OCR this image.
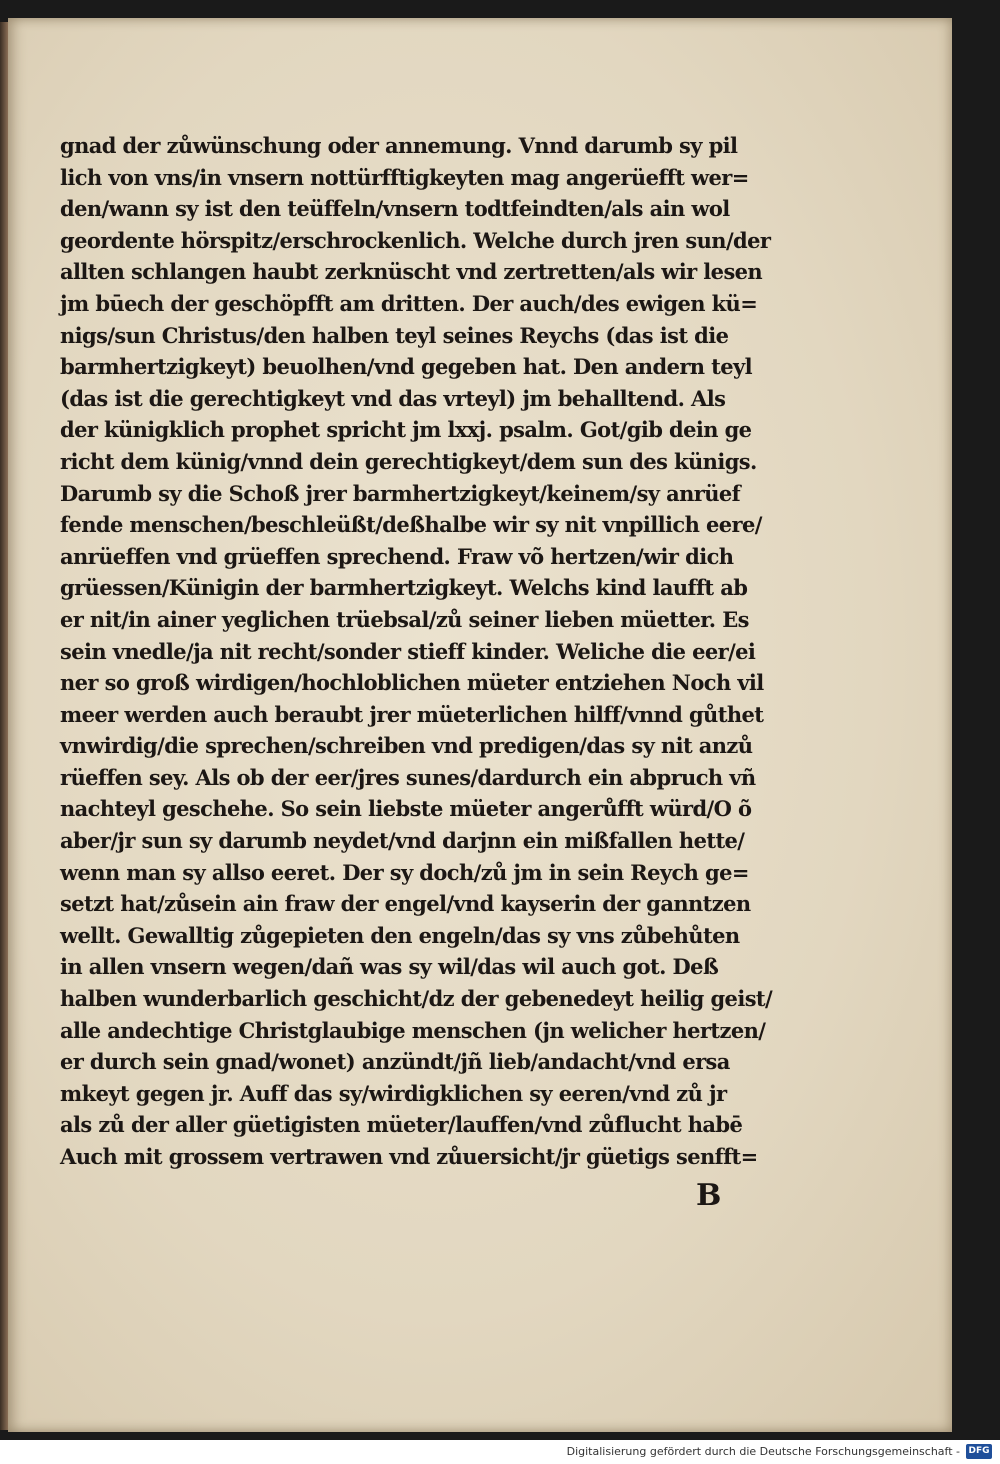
gnad der zůwünschung oder annemung. Vnnd darumb sy pil
lich von vns/in vnsern nottürfftigkeyten mag angerüefft wer=
den/wann sy ist den teüffeln/vnsern todtfeindten/als ain wol
geordente hörspitz/erschrockenlich. Welche durch jren sun/der
allten schlangen haubt zerknüscht vnd zertretten/als wir lesen
jm būech der geschöpfft am dritten. Der auch/des ewigen kü=
nigs/sun Christus/den halben teyl seines Reychs (das ist die
barmhertzigkeyt) beuolhen/vnd gegeben hat. Den andern teyl
(das ist die gerechtigkeyt vnd das vrteyl) jm behalltend. Als
der künigklich prophet spricht jm lxxj. psalm. Got/gib dein ge
richt dem künig/vnnd dein gerechtigkeyt/dem sun des künigs.
Darumb sy die Schoß jrer barmhertzigkeyt/keinem/sy anrüef
fende menschen/beschleüßt/deßhalbe wir sy nit vnpillich eere/
anrüeffen vnd grüeffen sprechend. Fraw võ hertzen/wir dich
grüessen/Künigin der barmhertzigkeyt. Welchs kind laufft ab
er nit/in ainer yeglichen trüebsal/zů seiner lieben müetter. Es
sein vnedle/ja nit recht/sonder stieff kinder. Weliche die eer/ei
ner so groß wirdigen/hochloblichen müeter entziehen Noch vil
meer werden auch beraubt jrer müeterlichen hilff/vnnd gůthet
vnwirdig/die sprechen/schreiben vnd predigen/das sy nit anzů
rüeffen sey. Als ob der eer/jres sunes/dardurch ein abpruch vñ
nachteyl geschehe. So sein liebste müeter angerůfft würd/O õ
aber/jr sun sy darumb neydet/vnd darjnn ein mißfallen hette/
wenn man sy allso eeret. Der sy doch/zů jm in sein Reych ge=
setzt hat/zůsein ain fraw der engel/vnd kayserin der ganntzen
wellt. Gewalltig zůgepieten den engeln/das sy vns zůbehůten
in allen vnsern wegen/dañ was sy wil/das wil auch got. Deß
halben wunderbarlich geschicht/dz der gebenedeyt heilig geist/
alle andechtige Christglaubige menschen (jn welicher hertzen/
er durch sein gnad/wonet) anzündt/jñ lieb/andacht/vnd ersa
mkeyt gegen jr. Auff das sy/wirdigklichen sy eeren/vnd zů jr
als zů der aller güetigisten müeter/lauffen/vnd zůflucht habē
Auch mit grossem vertrawen vnd zůuersicht/jr güetigs senfft=
B
Digitalisierung gefördert durch die Deutsche Forschungsgemeinschaft - DFG
